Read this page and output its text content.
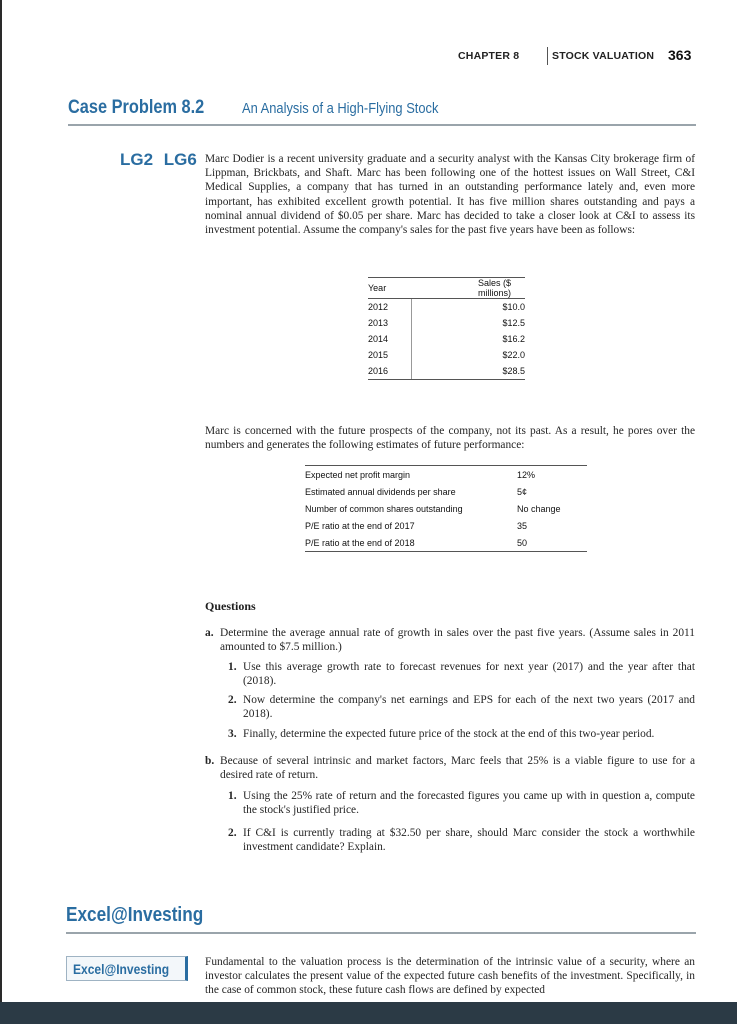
CHAPTER 8	STOCK VALUATION 363
Case Problem 8.2	An Analysis of a High-Flying Stock
LG2 LG6 Marc Dodier is a recent university graduate and a security analyst with the Kansas City brokerage firm of Lippman, Brickbats, and Shaft. Marc has been following one of the hottest issues on Wall Street, C&I Medical Supplies, a company that has turned in an outstanding performance lately and, even more important, has exhibited excellent growth potential. It has five million shares outstanding and pays a nominal annual dividend of $0.05 per share. Marc has decided to take a closer look at C&I to assess its investment potential. Assume the company's sales for the past five years have been as follows:
Year	Sales ($ millions)
2012	$10.0
2013	$12.5
2014	$16.2
2015	$22.0
2016	$28.5
Marc is concerned with the future prospects of the company, not its past. As a result, he pores over the numbers and generates the following estimates of future performance:
Expected net profit margin	12%
Estimated annual dividends per share	5¢
Number of common shares outstanding	No change
P/E ratio at the end of 2017	35
P/E ratio at the end of 2018	50
Questions
a. Determine the average annual rate of growth in sales over the past five years. (Assume sales in 2011 amounted to $7.5 million.)
1. Use this average growth rate to forecast revenues for next year (2017) and the year after that (2018).
2. Now determine the company's net earnings and EPS for each of the next two years (2017 and 2018).
3. Finally, determine the expected future price of the stock at the end of this two-year period.
b. Because of several intrinsic and market factors, Marc feels that 25% is a viable figure to use for a desired rate of return.
1. Using the 25% rate of return and the forecasted figures you came up with in question a, compute the stock's justified price.
2. If C&I is currently trading at $32.50 per share, should Marc consider the stock a worthwhile investment candidate? Explain.
Excel@Investing
Excel@Investing	Fundamental to the valuation process is the determination of the intrinsic value of a security, where an investor calculates the present value of the expected future cash benefits of the investment. Specifically, in the case of common stock, these future cash flows are defined by expected
